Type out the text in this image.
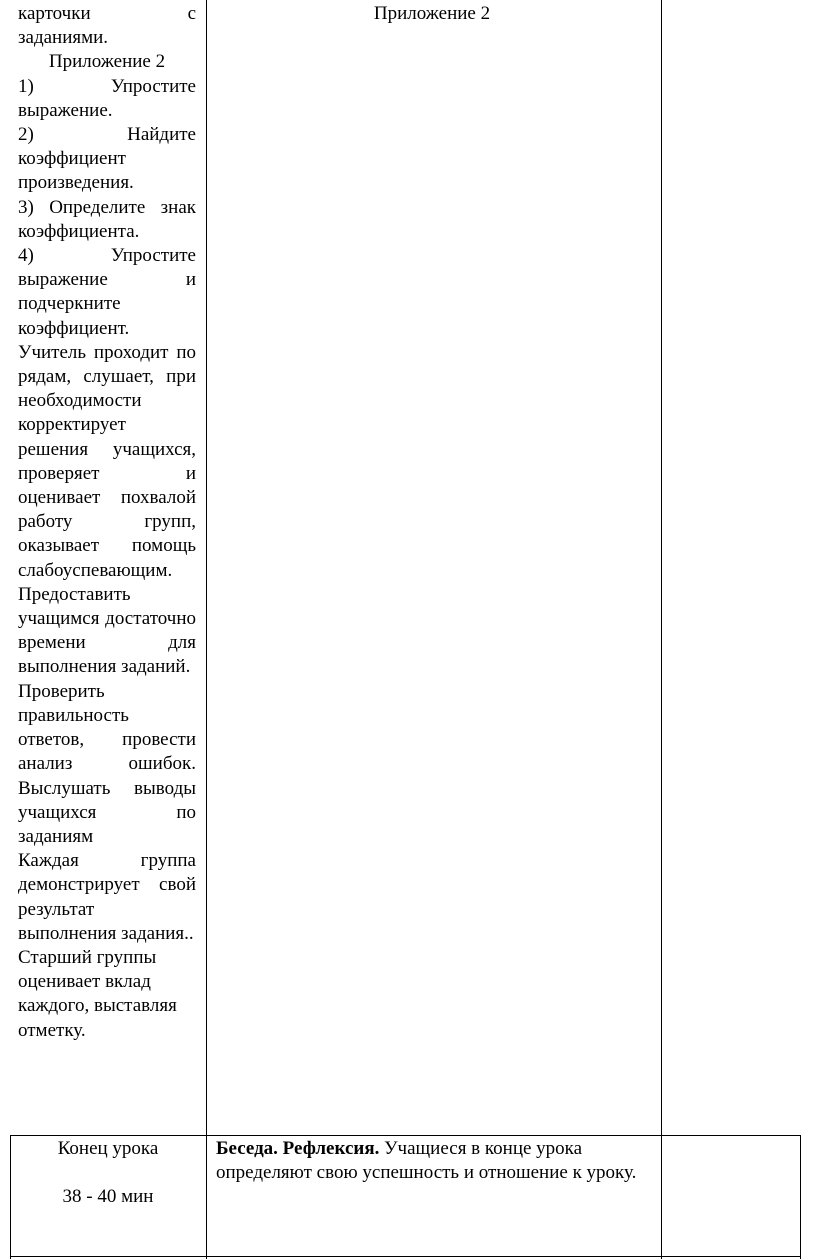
карточки с заданиями.

Приложение 2

1) Упростите выражение.

2) Найдите коэффициент произведения.

3) Определите знак коэффициента.

4) Упростите выражение и подчеркните коэффициент.

Учитель проходит по рядам, слушает, при необходимости корректирует решения учащихся, проверяет и оценивает похвалой работу групп, оказывает помощь слабоуспевающим.

Предоставить учащимся достаточно времени для выполнения заданий.

Проверить правильность ответов, провести анализ ошибок. Выслушать выводы учащихся по заданиям

Каждая группа демонстрирует свой результат выполнения задания..

Старший группы оценивает вклад каждого, выставляя отметку.

Приложение 2
Конец урока
38 - 40 мин
Беседа. Рефлексия. Учащиеся в конце урока определяют свою успешность и отношение к уроку.
